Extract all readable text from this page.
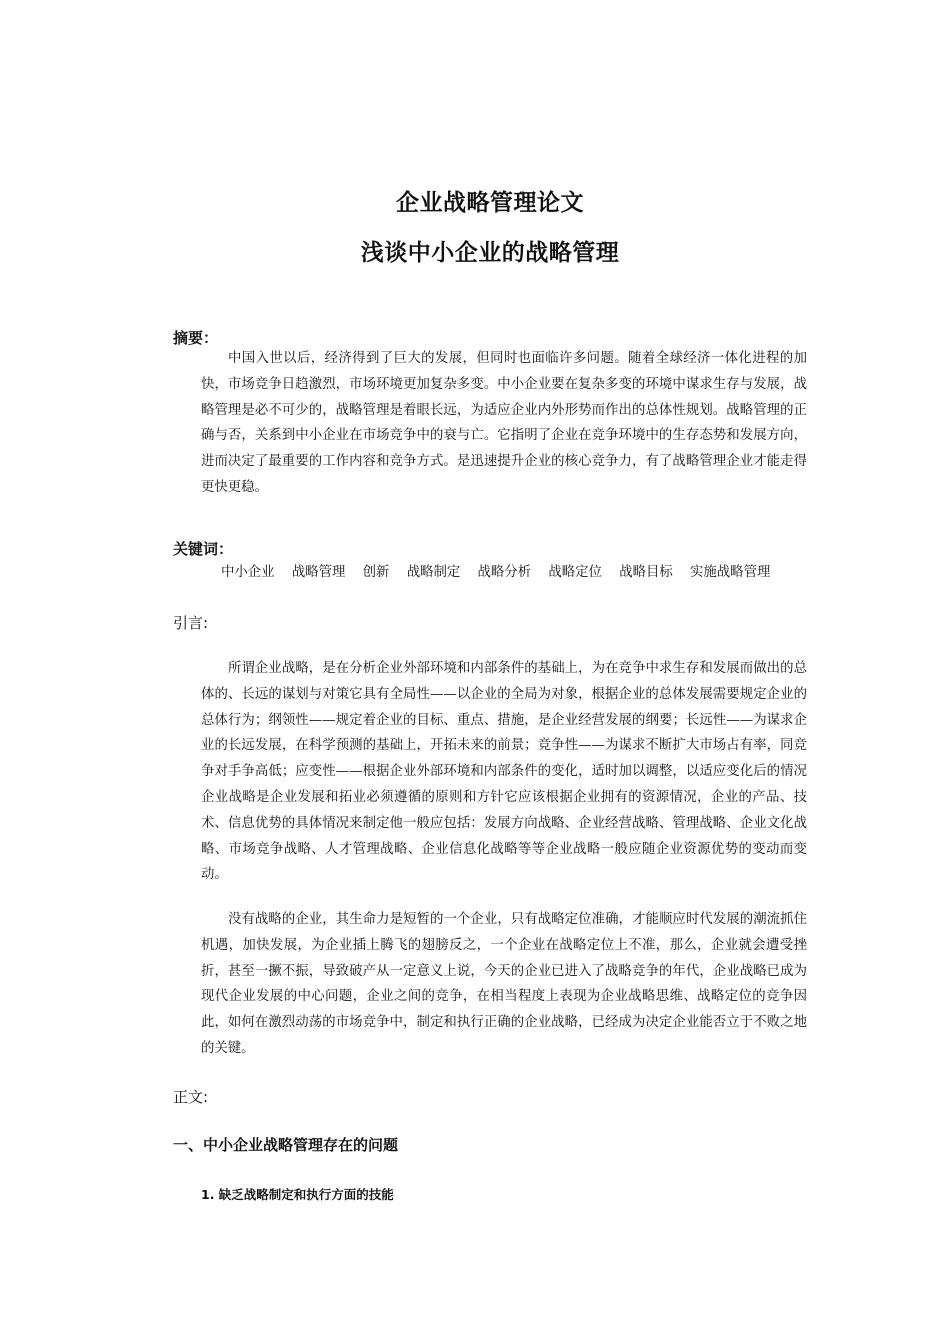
企业战略管理论文
浅谈中小企业的战略管理
摘要：

中国入世以后，经济得到了巨大的发展，但同时也面临许多问题。随着全球经济一体化进程的加快，市场竞争日趋激烈，市场环境更加复杂多变。中小企业要在复杂多变的环境中谋求生存与发展，战略管理是必不可少的，战略管理是着眼长远，为适应企业内外形势而作出的总体性规划。战略管理的正确与否，关系到中小企业在市场竞争中的衰与亡。它指明了企业在竞争环境中的生存态势和发展方向，进而决定了最重要的工作内容和竞争方式。是迅速提升企业的核心竞争力，有了战略管理企业才能走得更快更稳。

关键词：
中小企业 战略管理 创新 战略制定 战略分析 战略定位 战略目标 实施战略管理
引言:

所谓企业战略，是在分析企业外部环境和内部条件的基础上，为在竞争中求生存和发展而做出的总体的、长远的谋划与对策它具有全局性——以企业的全局为对象，根据企业的总体发展需要规定企业的总体行为；纲领性——规定着企业的目标、重点、措施，是企业经营发展的纲要；长远性——为谋求企业的长远发展，在科学预测的基础上，开拓未来的前景；竞争性——为谋求不断扩大市场占有率，同竞争对手争高低；应变性——根据企业外部环境和内部条件的变化，适时加以调整，以适应变化后的情况企业战略是企业发展和拓业必须遵循的原则和方针它应该根据企业拥有的资源情况，企业的产品、技术、信息优势的具体情况来制定他一般应包括：发展方向战略、企业经营战略、管理战略、企业文化战略、市场竞争战略、人才管理战略、企业信息化战略等等企业战略一般应随企业资源优势的变动而变动。

没有战略的企业，其生命力是短暂的一个企业，只有战略定位准确，才能顺应时代发展的潮流抓住机遇，加快发展，为企业插上腾飞的翅膀反之，一个企业在战略定位上不准，那么，企业就会遭受挫折，甚至一撅不振，导致破产从一定意义上说，今天的企业已进入了战略竞争的年代，企业战略已成为现代企业发展的中心问题，企业之间的竞争，在相当程度上表现为企业战略思维、战略定位的竞争因此，如何在激烈动荡的市场竞争中，制定和执行正确的企业战略，已经成为决定企业能否立于不败之地的关键。

正文:
一、中小企业战略管理存在的问题
1. 缺乏战略制定和执行方面的技能
